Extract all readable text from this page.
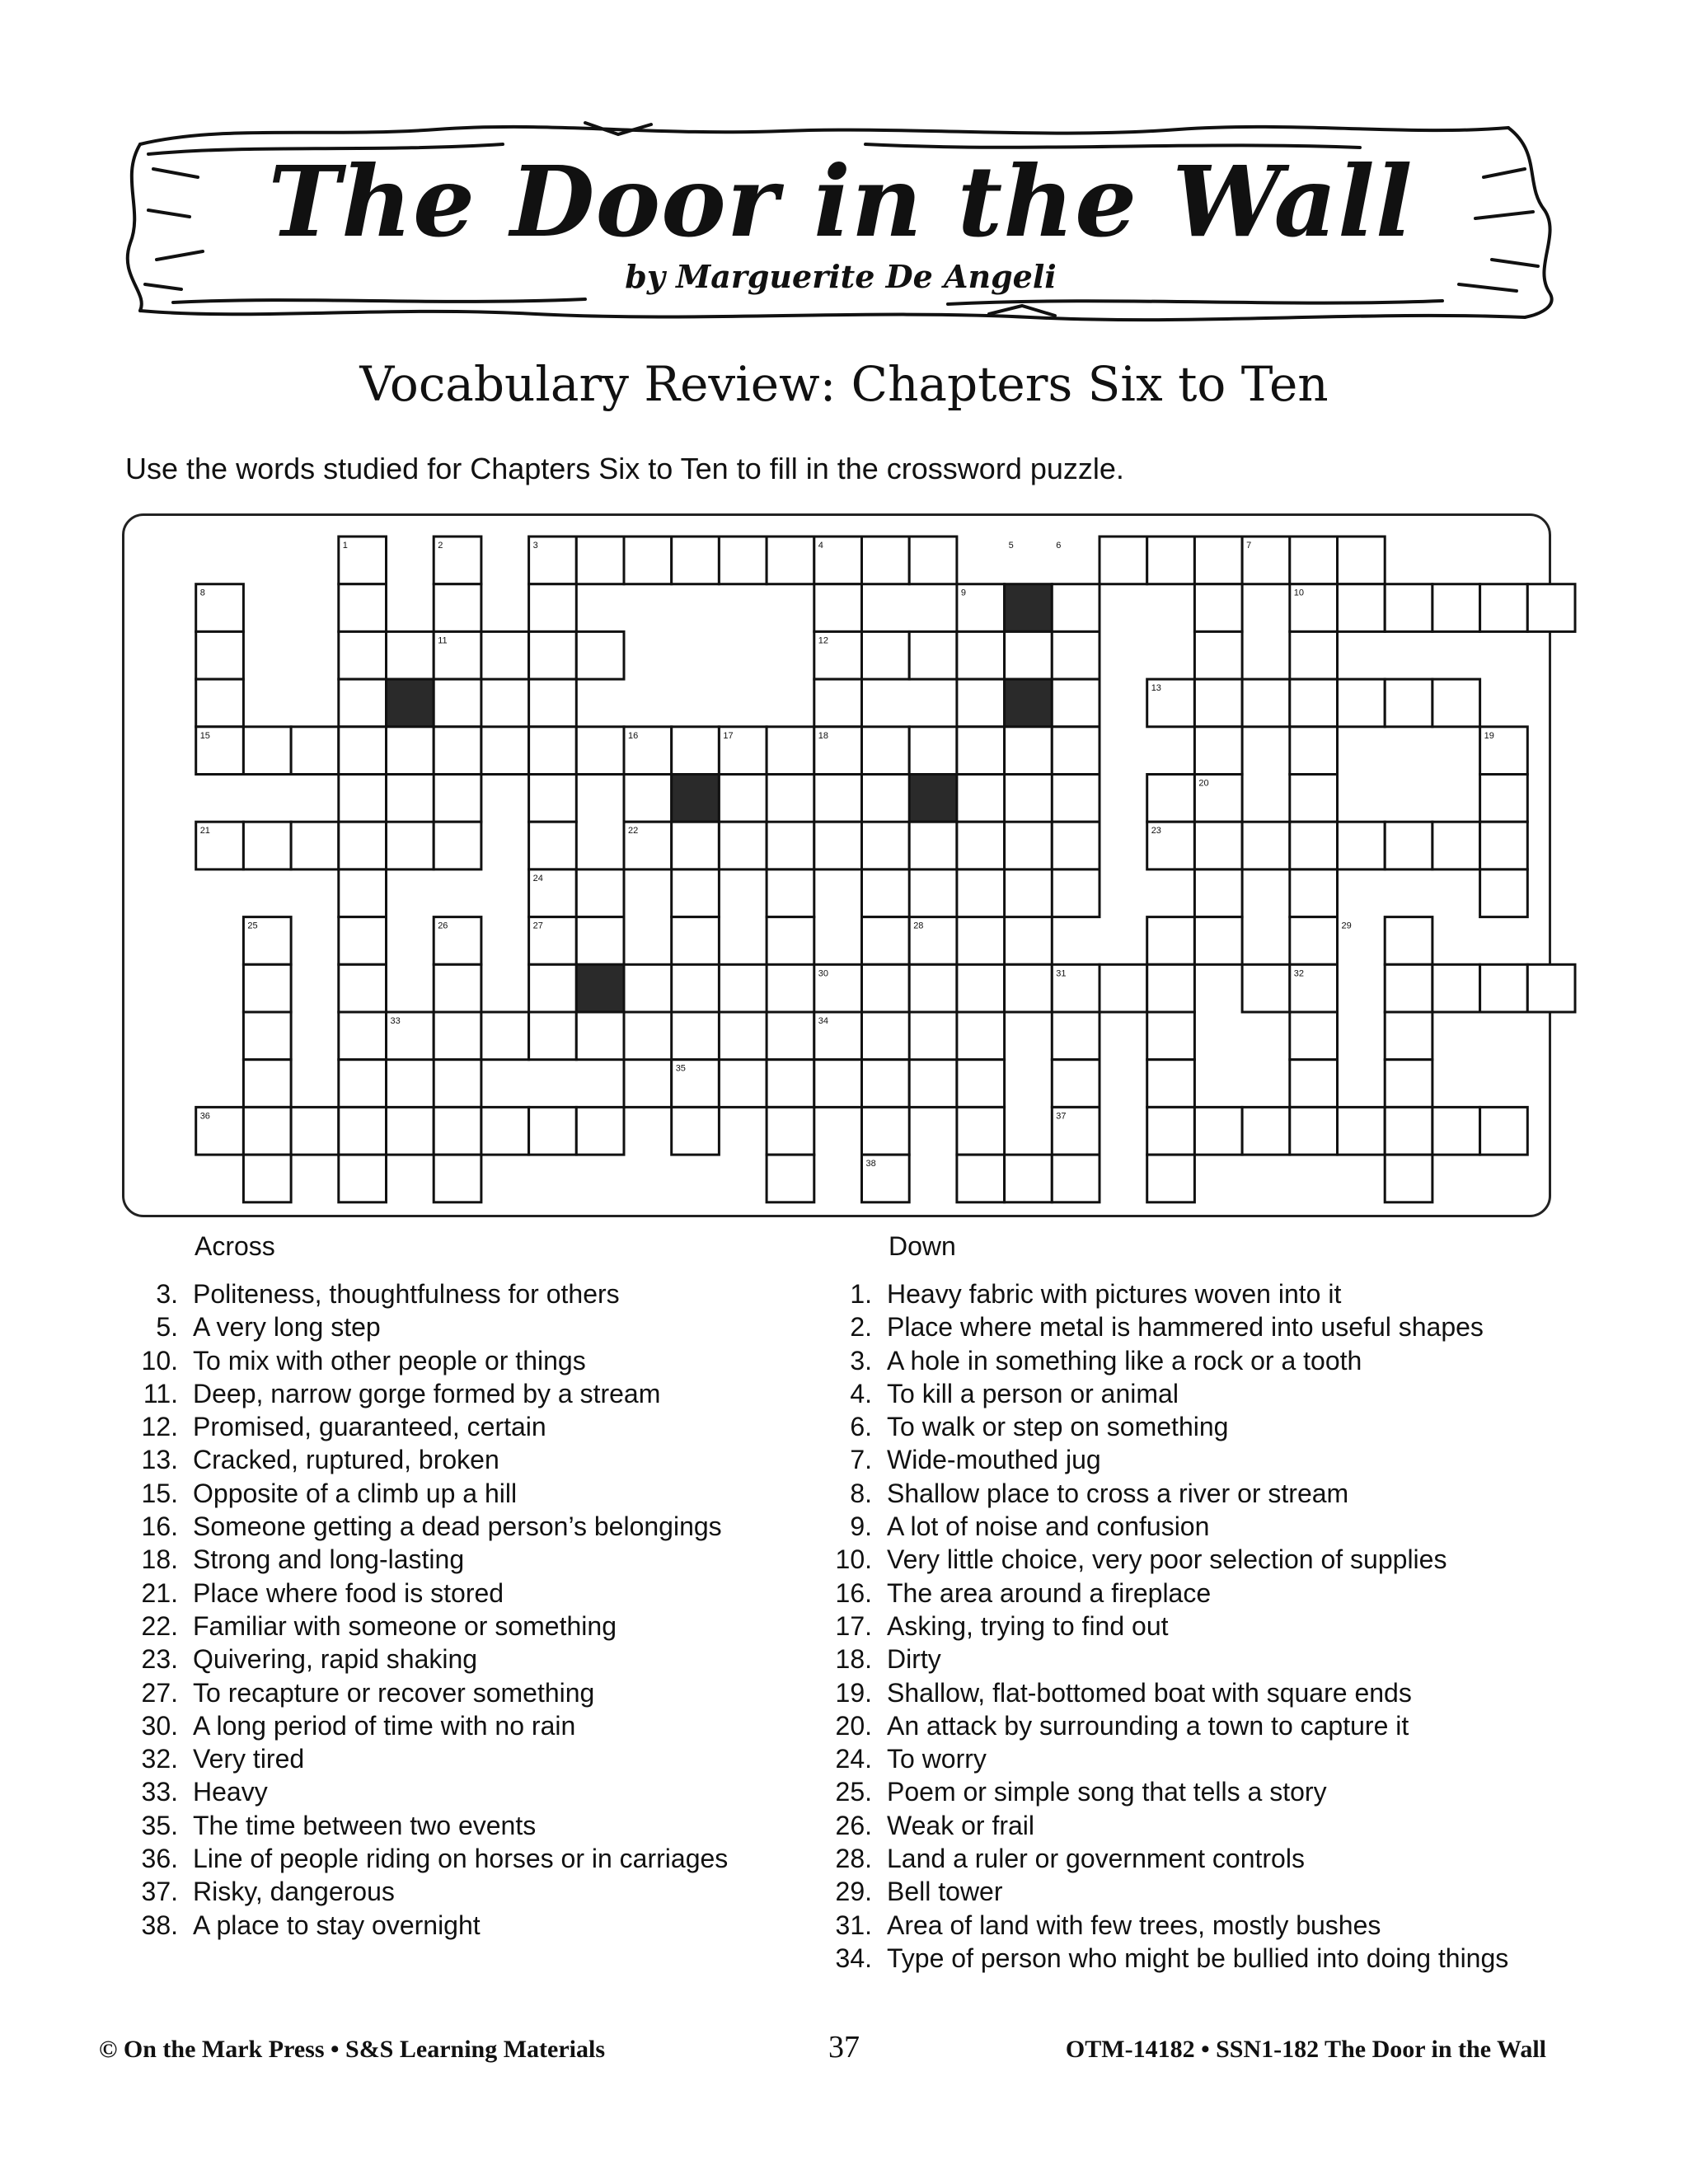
The Door in the Wall
by Marguerite De Angeli
Vocabulary Review: Chapters Six to Ten
Use the words studied for Chapters Six to Ten to fill in the crossword puzzle.
1	2	3	4	5	6	7
8	9	10
11	12
13
15	16	17	18	19
20
21	22	23
24
25	26	27	28	29
30	31	32
33	34
35
36	37
38
Across
3. Politeness, thoughtfulness for others
5. A very long step
10. To mix with other people or things
11. Deep, narrow gorge formed by a stream
12. Promised, guaranteed, certain
13. Cracked, ruptured, broken
15. Opposite of a climb up a hill
16. Someone getting a dead person’s belongings
18. Strong and long-lasting
21. Place where food is stored
22. Familiar with someone or something
23. Quivering, rapid shaking
27. To recapture or recover something
30. A long period of time with no rain
32. Very tired
33. Heavy
35. The time between two events
36. Line of people riding on horses or in carriages
37. Risky, dangerous
38. A place to stay overnight
Down
1. Heavy fabric with pictures woven into it
2. Place where metal is hammered into useful shapes
3. A hole in something like a rock or a tooth
4. To kill a person or animal
6. To walk or step on something
7. Wide-mouthed jug
8. Shallow place to cross a river or stream
9. A lot of noise and confusion
10. Very little choice, very poor selection of supplies
16. The area around a fireplace
17. Asking, trying to find out
18. Dirty
19. Shallow, flat-bottomed boat with square ends
20. An attack by surrounding a town to capture it
24. To worry
25. Poem or simple song that tells a story
26. Weak or frail
28. Land a ruler or government controls
29. Bell tower
31. Area of land with few trees, mostly bushes
34. Type of person who might be bullied into doing things
© On the Mark Press • S&S Learning Materials	37	OTM-14182 • SSN1-182 The Door in the Wall
